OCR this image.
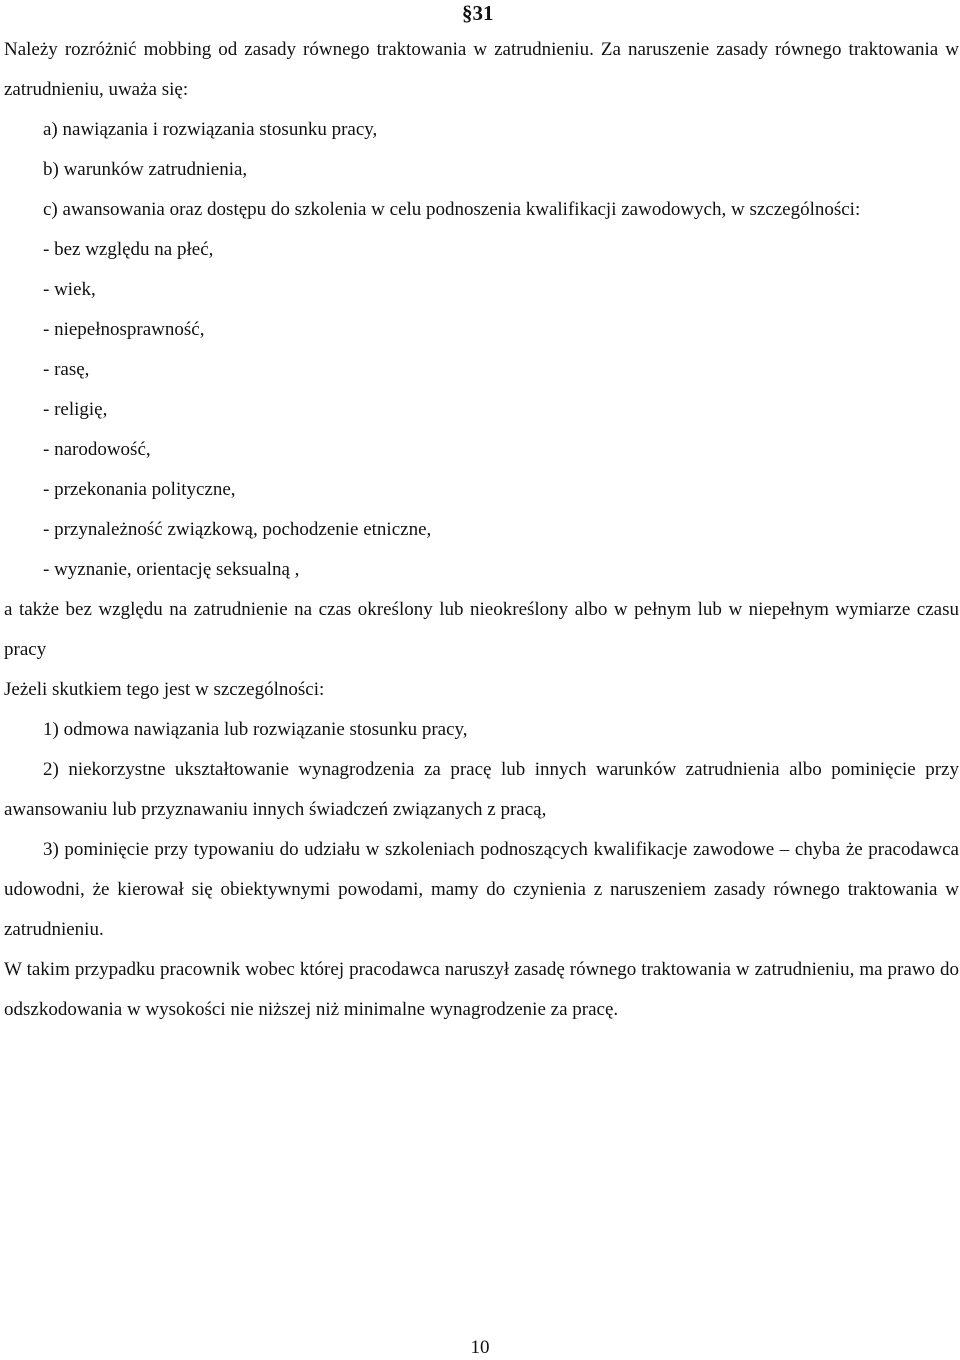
§31

Należy rozróżnić mobbing od zasady równego traktowania w zatrudnieniu. Za naruszenie zasady równego traktowania w zatrudnieniu, uważa się:

a) nawiązania i rozwiązania stosunku pracy,

b) warunków zatrudnienia,

c) awansowania oraz dostępu do szkolenia w celu podnoszenia kwalifikacji zawodowych, w szczególności:

- bez względu na płeć,

- wiek,

- niepełnosprawność,

- rasę,

- religię,

- narodowość,

- przekonania polityczne,

- przynależność związkową, pochodzenie etniczne,

- wyznanie, orientację seksualną ,

a także bez względu na zatrudnienie na czas określony lub nieokreślony albo w pełnym lub w niepełnym wymiarze czasu pracy

Jeżeli skutkiem tego jest w szczególności:

1) odmowa nawiązania lub rozwiązanie stosunku pracy,

2) niekorzystne ukształtowanie wynagrodzenia za pracę lub innych warunków zatrudnienia albo pominięcie przy awansowaniu lub przyznawaniu innych świadczeń związanych z pracą,

3) pominięcie przy typowaniu do udziału w szkoleniach podnoszących kwalifikacje zawodowe – chyba że pracodawca udowodni, że kierował się obiektywnymi powodami, mamy do czynienia z naruszeniem zasady równego traktowania w zatrudnieniu.

W takim przypadku pracownik wobec której pracodawca naruszył zasadę równego traktowania w zatrudnieniu, ma prawo do odszkodowania w wysokości nie niższej niż minimalne wynagrodzenie za pracę.

10
